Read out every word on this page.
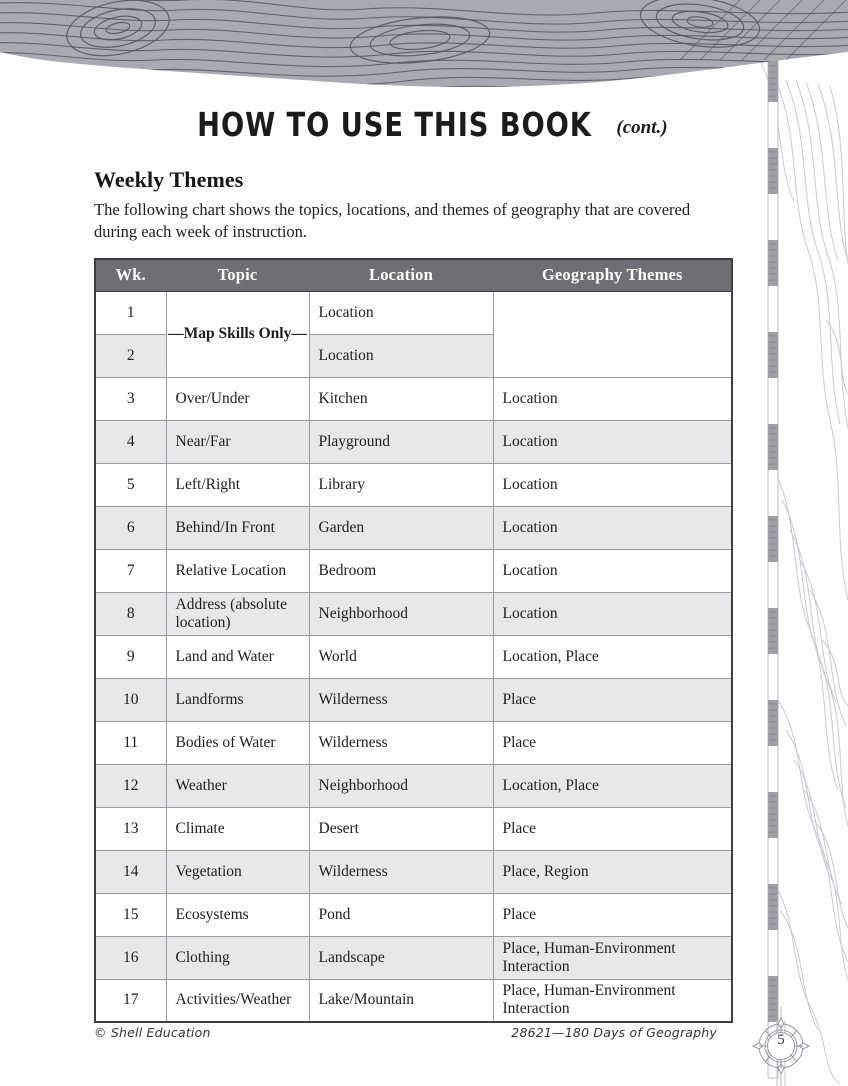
HOW TO USE THIS BOOK (cont.)
Weekly Themes

The following chart shows the topics, locations, and themes of geography that are covered during each week of instruction.

Wk.	Topic	Location	Geography Themes
1	—Map Skills Only—	Location	
2		Location	
3	Over/Under	Kitchen	Location
4	Near/Far	Playground	Location
5	Left/Right	Library	Location
6	Behind/In Front	Garden	Location
7	Relative Location	Bedroom	Location
8	Address (absolute location)	Neighborhood	Location
9	Land and Water	World	Location, Place
10	Landforms	Wilderness	Place
11	Bodies of Water	Wilderness	Place
12	Weather	Neighborhood	Location, Place
13	Climate	Desert	Place
14	Vegetation	Wilderness	Place, Region
15	Ecosystems	Pond	Place
16	Clothing	Landscape	Place, Human-Environment Interaction
17	Activities/Weather	Lake/Mountain	Place, Human-Environment Interaction
© Shell Education	28621—180 Days of Geography	5
